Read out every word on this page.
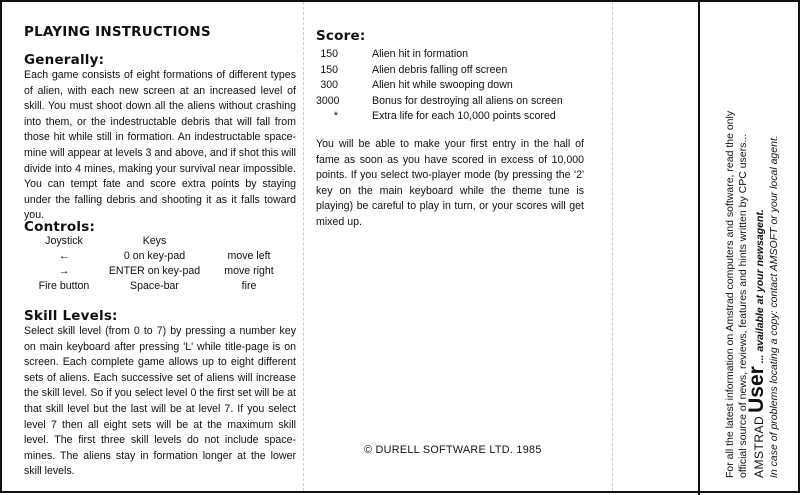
PLAYING INSTRUCTIONS
Generally:

Each game consists of eight formations of different types of alien, with each new screen at an increased level of skill. You must shoot down all the aliens without crashing into them, or the indestructable debris that will fall from those hit while still in formation. An indestructable space-mine will appear at levels 3 and above, and if shot this will divide into 4 mines, making your survival near impossible. You can tempt fate and score extra points by staying under the falling debris and shooting it as it falls toward you.

Controls:
Joystick	Keys
←	0 on key-pad	move left
→	ENTER on key-pad	move right
Fire button	Space-bar	fire
Skill Levels:

Select skill level (from 0 to 7) by pressing a number key on main keyboard after pressing 'L' while title-page is on screen. Each complete game allows up to eight different sets of aliens. Each successive set of aliens will increase the skill level. So if you select level 0 the first set will be at that skill level but the last will be at level 7. If you select level 7 then all eight sets will be at the maximum skill level. The first three skill levels do not include space-mines. The aliens stay in formation longer at the lower skill levels.

Score:
150	Alien hit in formation
150	Alien debris falling off screen
300	Alien hit while swooping down
3000	Bonus for destroying all aliens on screen
*	Extra life for each 10,000 points scored

You will be able to make your first entry in the hall of fame as soon as you have scored in excess of 10,000 points. If you select two-player mode (by pressing the '2' key on the main keyboard while the theme tune is playing) be careful to play in turn, or your scores will get mixed up.

© DURELL SOFTWARE LTD. 1985	For all the latest information on Amstrad computers and software, read the only official source of news, reviews, features and hints written by CPC users... AMSTRAD User ... available at your newsagent. In case of problems locating a copy: contact AMSOFT or your local agent.
